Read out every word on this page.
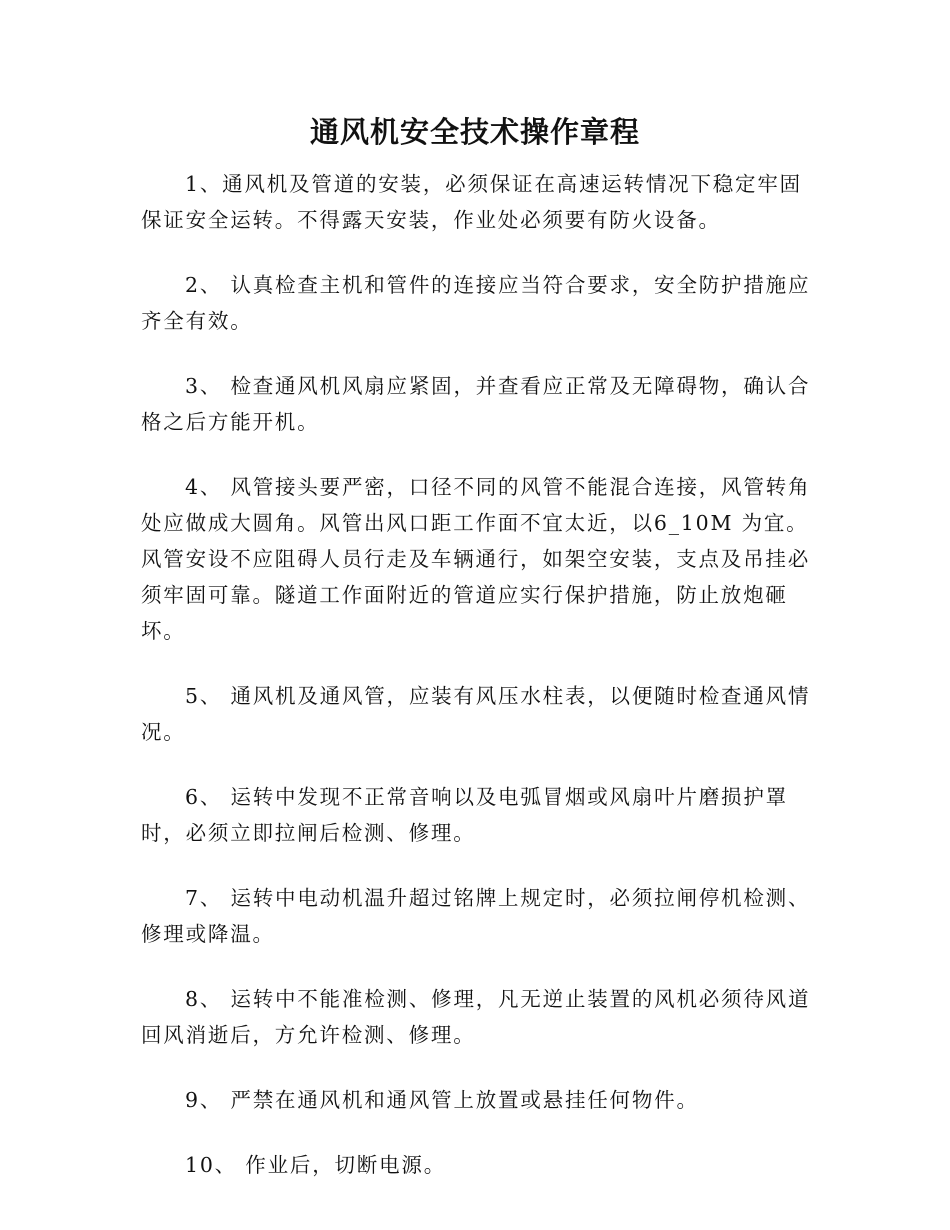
通风机安全技术操作章程

1、通风机及管道的安装，必须保证在高速运转情况下稳定牢固保证安全运转。不得露天安装，作业处必须要有防火设备。

2、 认真检查主机和管件的连接应当符合要求，安全防护措施应齐全有效。

3、 检查通风机风扇应紧固，并查看应正常及无障碍物，确认合格之后方能开机。

4、 风管接头要严密，口径不同的风管不能混合连接，风管转角处应做成大圆角。风管出风口距工作面不宜太近，以6_10M 为宜。风管安设不应阻碍人员行走及车辆通行，如架空安装，支点及吊挂必须牢固可靠。隧道工作面附近的管道应实行保护措施，防止放炮砸坏。

5、 通风机及通风管，应装有风压水柱表，以便随时检查通风情况。

6、 运转中发现不正常音响以及电弧冒烟或风扇叶片磨损护罩时，必须立即拉闸后检测、修理。

7、 运转中电动机温升超过铭牌上规定时，必须拉闸停机检测、修理或降温。

8、 运转中不能准检测、修理，凡无逆止装置的风机必须待风道回风消逝后，方允许检测、修理。

9、 严禁在通风机和通风管上放置或悬挂任何物件。

10、 作业后，切断电源。
